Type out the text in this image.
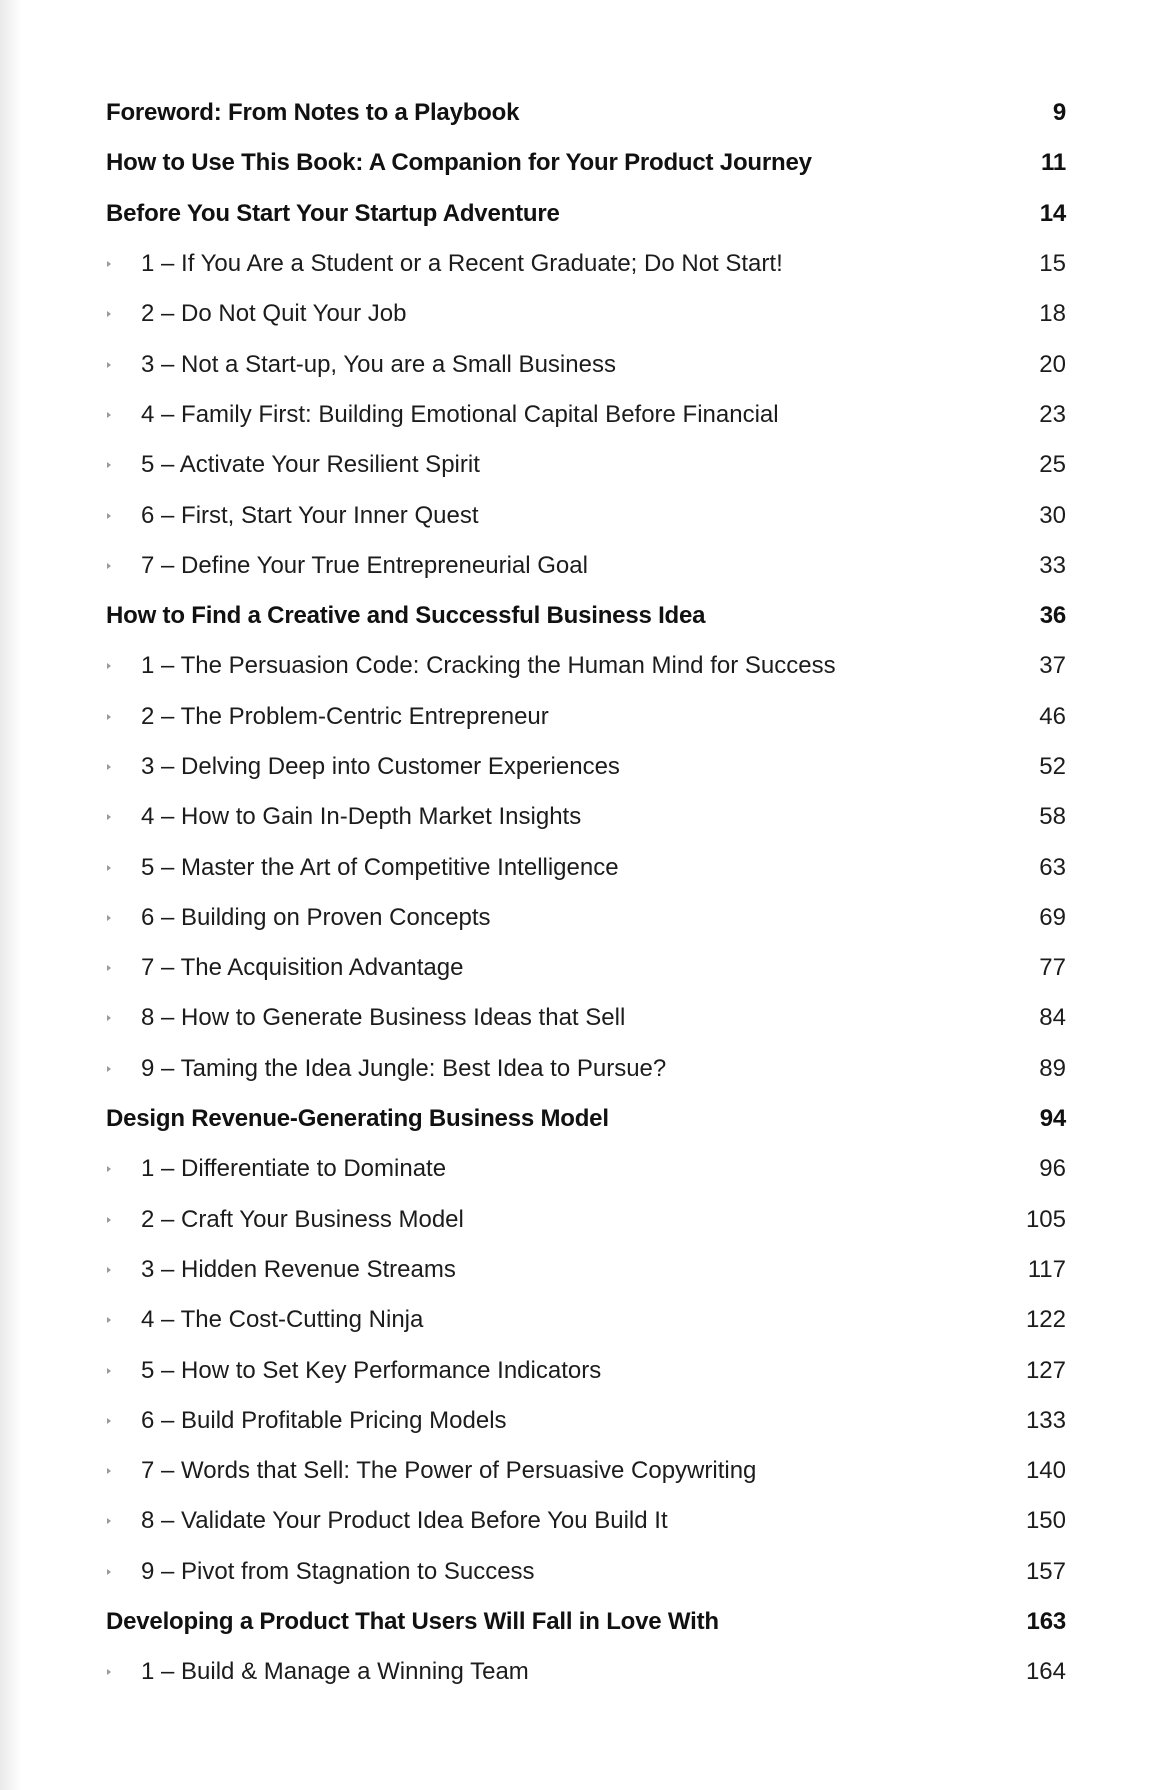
Foreword: From Notes to a Playbook	9
How to Use This Book: A Companion for Your Product Journey	11
Before You Start Your Startup Adventure	14
1 – If You Are a Student or a Recent Graduate; Do Not Start!	15
2 – Do Not Quit Your Job	18
3 – Not a Start-up, You are a Small Business	20
4 – Family First: Building Emotional Capital Before Financial	23
5 – Activate Your Resilient Spirit	25
6 – First, Start Your Inner Quest	30
7 – Define Your True Entrepreneurial Goal	33
How to Find a Creative and Successful Business Idea	36
1 – The Persuasion Code: Cracking the Human Mind for Success	37
2 – The Problem-Centric Entrepreneur	46
3 – Delving Deep into Customer Experiences	52
4 – How to Gain In-Depth Market Insights	58
5 – Master the Art of Competitive Intelligence	63
6 – Building on Proven Concepts	69
7 – The Acquisition Advantage	77
8 – How to Generate Business Ideas that Sell	84
9 – Taming the Idea Jungle: Best Idea to Pursue?	89
Design Revenue-Generating Business Model	94
1 – Differentiate to Dominate	96
2 – Craft Your Business Model	105
3 – Hidden Revenue Streams	117
4 – The Cost-Cutting Ninja	122
5 – How to Set Key Performance Indicators	127
6 – Build Profitable Pricing Models	133
7 – Words that Sell: The Power of Persuasive Copywriting	140
8 – Validate Your Product Idea Before You Build It	150
9 – Pivot from Stagnation to Success	157
Developing a Product That Users Will Fall in Love With	163
1 – Build & Manage a Winning Team	164
